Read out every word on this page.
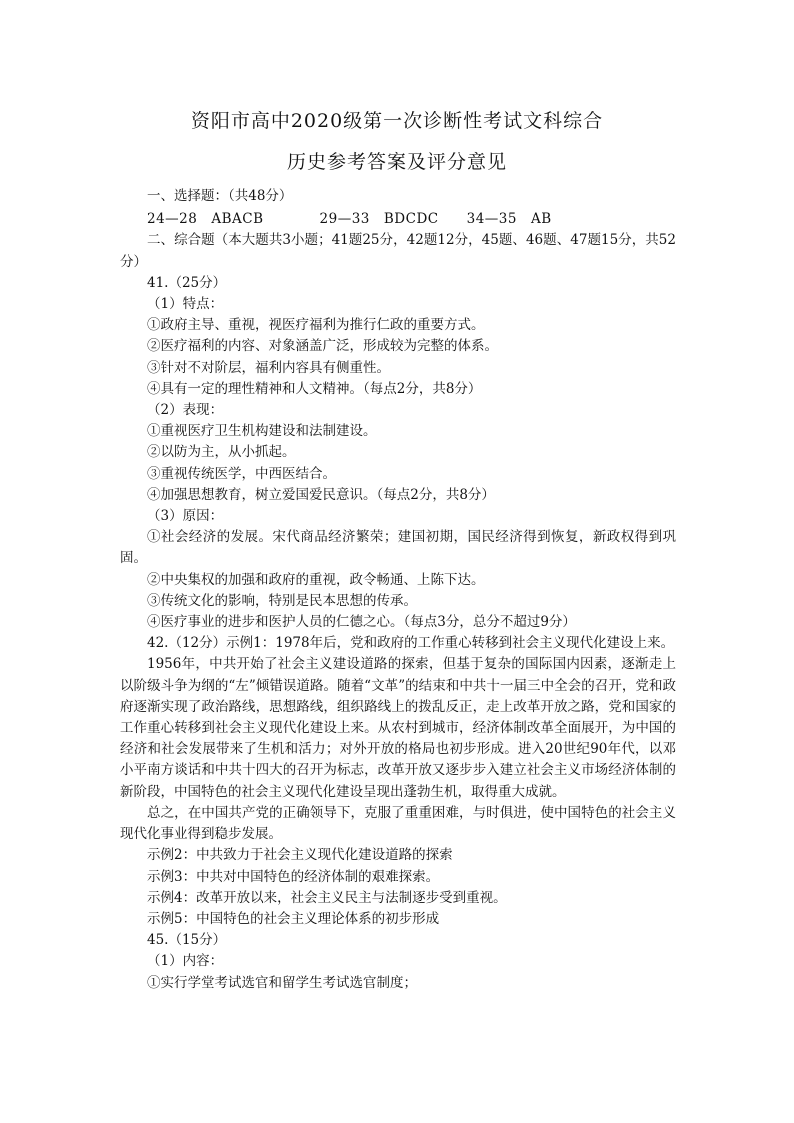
资阳市高中2020级第一次诊断性考试文科综合
历史参考答案及评分意见

一、选择题：（共48分）

24—28　ABACB　　　　29—33　BDCDC　　34—35　AB

二、综合题（本大题共3小题；41题25分，42题12分，45题、46题、47题15分，共52分）

41.（25分）

（1）特点：

①政府主导、重视，视医疗福利为推行仁政的重要方式。

②医疗福利的内容、对象涵盖广泛，形成较为完整的体系。

③针对不对阶层，福利内容具有侧重性。

④具有一定的理性精神和人文精神。（每点2分，共8分）

（2）表现：

①重视医疗卫生机构建设和法制建设。

②以防为主，从小抓起。

③重视传统医学，中西医结合。

④加强思想教育，树立爱国爱民意识。（每点2分，共8分）

（3）原因：

①社会经济的发展。宋代商品经济繁荣；建国初期，国民经济得到恢复，新政权得到巩固。

②中央集权的加强和政府的重视，政令畅通、上陈下达。

③传统文化的影响，特别是民本思想的传承。

④医疗事业的进步和医护人员的仁德之心。（每点3分，总分不超过9分）

42.（12分）示例1：1978年后，党和政府的工作重心转移到社会主义现代化建设上来。

1956年，中共开始了社会主义建设道路的探索，但基于复杂的国际国内因素，逐渐走上以阶级斗争为纲的“左”倾错误道路。随着“文革”的结束和中共十一届三中全会的召开，党和政府逐渐实现了政治路线，思想路线，组织路线上的拨乱反正，走上改革开放之路，党和国家的工作重心转移到社会主义现代化建设上来。从农村到城市，经济体制改革全面展开，为中国的经济和社会发展带来了生机和活力；对外开放的格局也初步形成。进入20世纪90年代，以邓小平南方谈话和中共十四大的召开为标志，改革开放又逐步步入建立社会主义市场经济体制的新阶段，中国特色的社会主义现代化建设呈现出蓬勃生机，取得重大成就。

总之，在中国共产党的正确领导下，克服了重重困难，与时俱进，使中国特色的社会主义现代化事业得到稳步发展。

示例2：中共致力于社会主义现代化建设道路的探索

示例3：中共对中国特色的经济体制的艰难探索。

示例4：改革开放以来，社会主义民主与法制逐步受到重视。

示例5：中国特色的社会主义理论体系的初步形成

45.（15分）

（1）内容：

①实行学堂考试选官和留学生考试选官制度；
